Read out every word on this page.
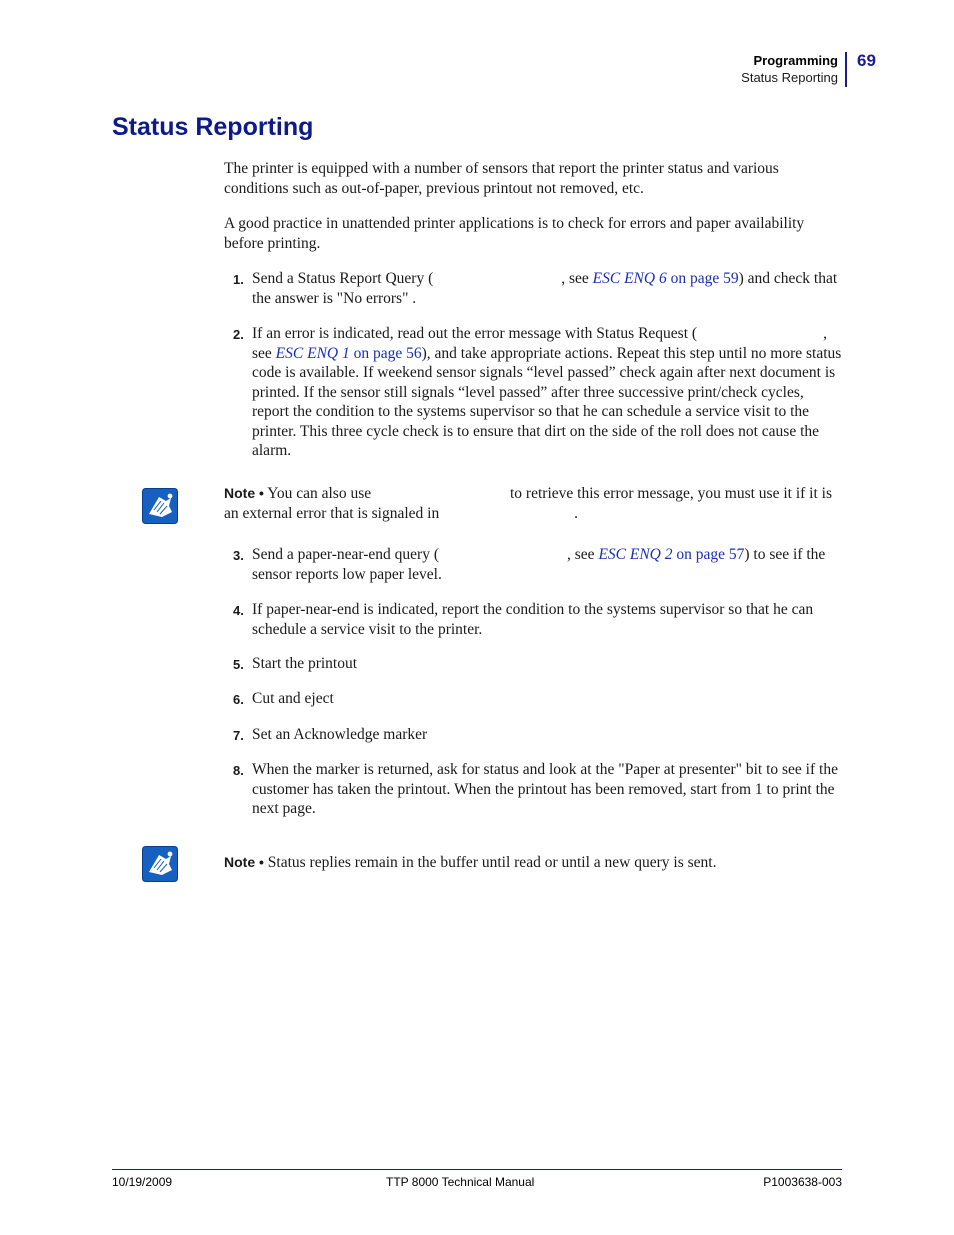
Programming
Status Reporting
69
Status Reporting

The printer is equipped with a number of sensors that report the printer status and various conditions such as out-of-paper, previous printout not removed, etc.

A good practice in unattended printer applications is to check for errors and paper availability before printing.

1. Send a Status Report Query (	, see ESC ENQ 6 on page 59) and check that the answer is "No errors" .
2. If an error is indicated, read out the error message with Status Request (	, see ESC ENQ 1 on page 56), and take appropriate actions. Repeat this step until no more status code is available. If weekend sensor signals “level passed” check again after next document is printed. If the sensor still signals “level passed” after three successive print/check cycles, report the condition to the systems supervisor so that he can schedule a service visit to the printer. This three cycle check is to ensure that dirt on the side of the roll does not cause the alarm.
Note • You can also use	to retrieve this error message, you must use it if it is an external error that is signaled in	.
3. Send a paper-near-end query (	, see ESC ENQ 2 on page 57) to see if the sensor reports low paper level.
4. If paper-near-end is indicated, report the condition to the systems supervisor so that he can schedule a service visit to the printer.
5. Start the printout
6. Cut and eject
7. Set an Acknowledge marker
8. When the marker is returned, ask for status and look at the "Paper at presenter" bit to see if the customer has taken the printout. When the printout has been removed, start from 1 to print the next page.
Note • Status replies remain in the buffer until read or until a new query is sent.
10/19/2009	TTP 8000 Technical Manual	P1003638-003
